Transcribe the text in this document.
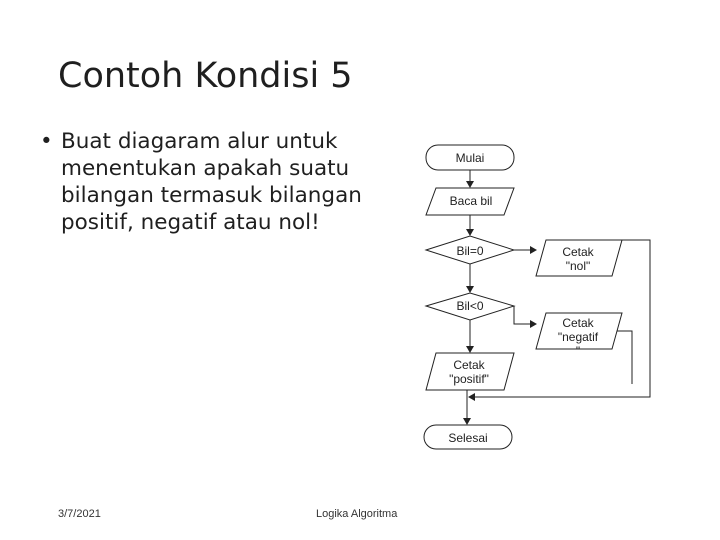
Contoh Kondisi 5
• Buat diagaram alur untuk menentukan apakah suatu bilangan termasuk bilangan positif, negatif atau nol!
Mulai
Baca bil
Bil=0	Cetak
"nol"
Bil<0
Cetak
"negatif
"
Cetak
"positif"
Selesai
3/7/2021	Logika Algoritma
